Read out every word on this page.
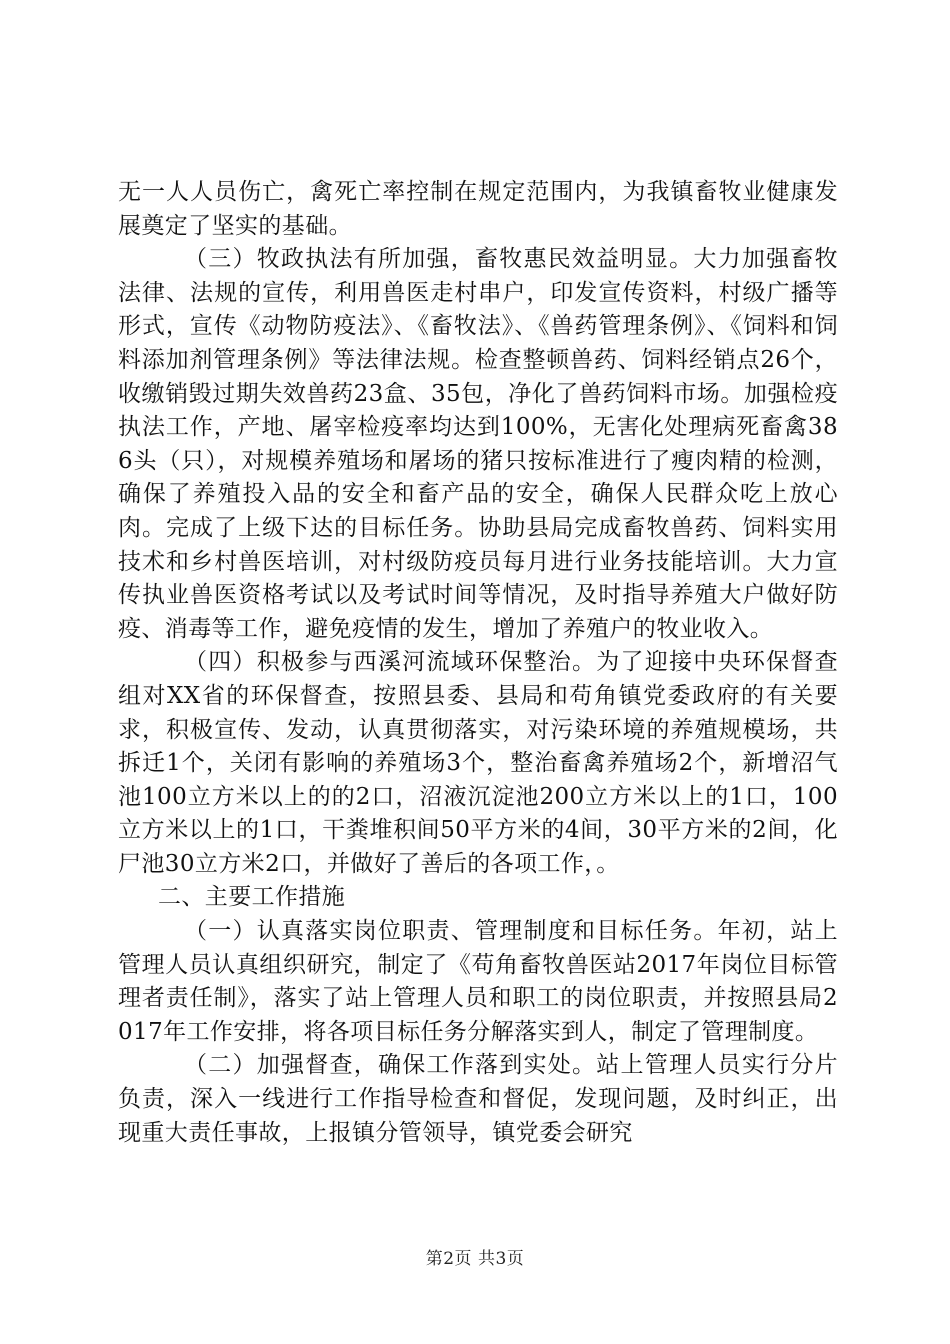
无一人人员伤亡，禽死亡率控制在规定范围内，为我镇畜牧业健康发展奠定了坚实的基础。

（三）牧政执法有所加强，畜牧惠民效益明显。大力加强畜牧法律、法规的宣传，利用兽医走村串户，印发宣传资料，村级广播等形式，宣传《动物防疫法》、《畜牧法》、《兽药管理条例》、《饲料和饲料添加剂管理条例》等法律法规。检查整顿兽药、饲料经销点26个，收缴销毁过期失效兽药23盒、35包，净化了兽药饲料市场。加强检疫执法工作，产地、屠宰检疫率均达到100%，无害化处理病死畜禽386头（只），对规模养殖场和屠场的猪只按标准进行了瘦肉精的检测，确保了养殖投入品的安全和畜产品的安全，确保人民群众吃上放心肉。完成了上级下达的目标任务。协助县局完成畜牧兽药、饲料实用技术和乡村兽医培训，对村级防疫员每月进行业务技能培训。大力宣传执业兽医资格考试以及考试时间等情况，及时指导养殖大户做好防疫、消毒等工作，避免疫情的发生，增加了养殖户的牧业收入。

（四）积极参与西溪河流域环保整治。为了迎接中央环保督查组对XX省的环保督查，按照县委、县局和苟角镇党委政府的有关要求，积极宣传、发动，认真贯彻落实，对污染环境的养殖规模场，共拆迁1个，关闭有影响的养殖场3个，整治畜禽养殖场2个，新增沼气池100立方米以上的的2口，沼液沉淀池200立方米以上的1口，100立方米以上的1口，干粪堆积间50平方米的4间，30平方米的2间，化尸池30立方米2口，并做好了善后的各项工作，。

二、主要工作措施

（一）认真落实岗位职责、管理制度和目标任务。年初，站上管理人员认真组织研究，制定了《苟角畜牧兽医站2017年岗位目标管理者责任制》，落实了站上管理人员和职工的岗位职责，并按照县局2017年工作安排，将各项目标任务分解落实到人，制定了管理制度。

（二）加强督查，确保工作落到实处。站上管理人员实行分片负责，深入一线进行工作指导检查和督促，发现问题，及时纠正，出现重大责任事故，上报镇分管领导，镇党委会研究

第2页 共3页
